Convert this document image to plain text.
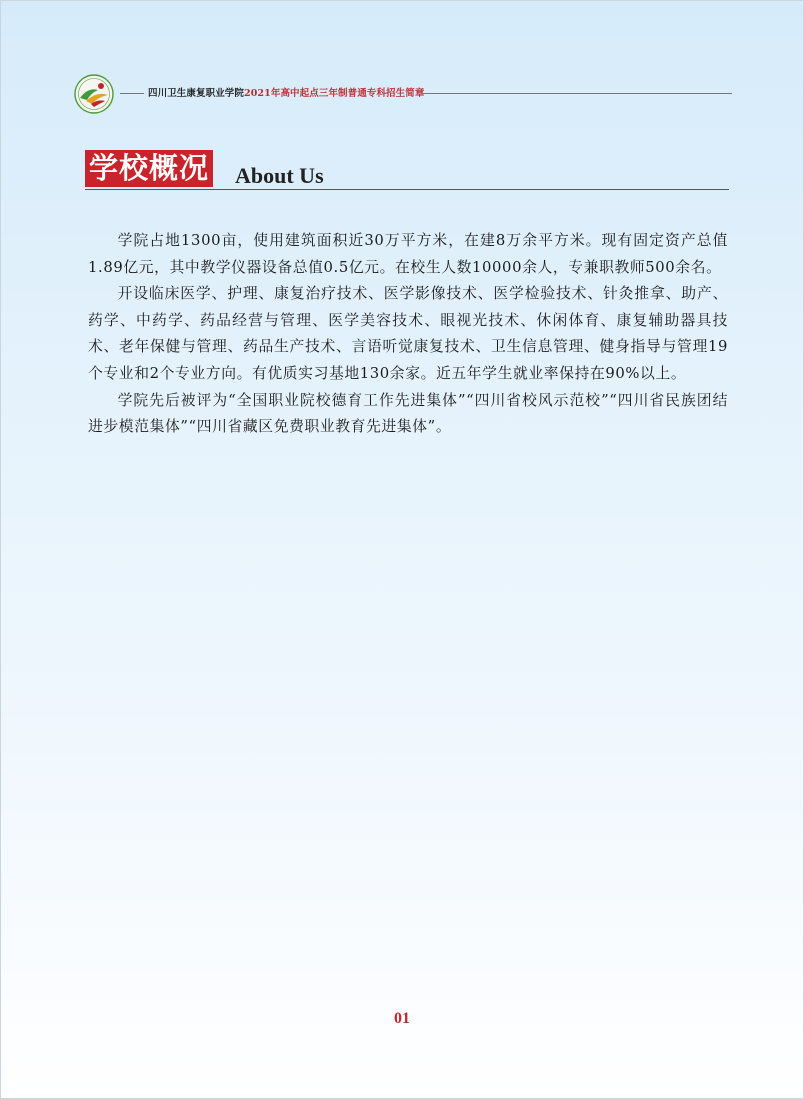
四川卫生康复职业学院2021年高中起点三年制普通专科招生简章
学校概况 About Us

学院占地1300亩，使用建筑面积近30万平方米，在建8万余平方米。现有固定资产总值1.89亿元，其中教学仪器设备总值0.5亿元。在校生人数10000余人，专兼职教师500余名。

开设临床医学、护理、康复治疗技术、医学影像技术、医学检验技术、针灸推拿、助产、药学、中药学、药品经营与管理、医学美容技术、眼视光技术、休闲体育、康复辅助器具技术、老年保健与管理、药品生产技术、言语听觉康复技术、卫生信息管理、健身指导与管理19个专业和2个专业方向。有优质实习基地130余家。近五年学生就业率保持在90%以上。

学院先后被评为“全国职业院校德育工作先进集体”“四川省校风示范校”“四川省民族团结进步模范集体”“四川省藏区免费职业教育先进集体”。

01
